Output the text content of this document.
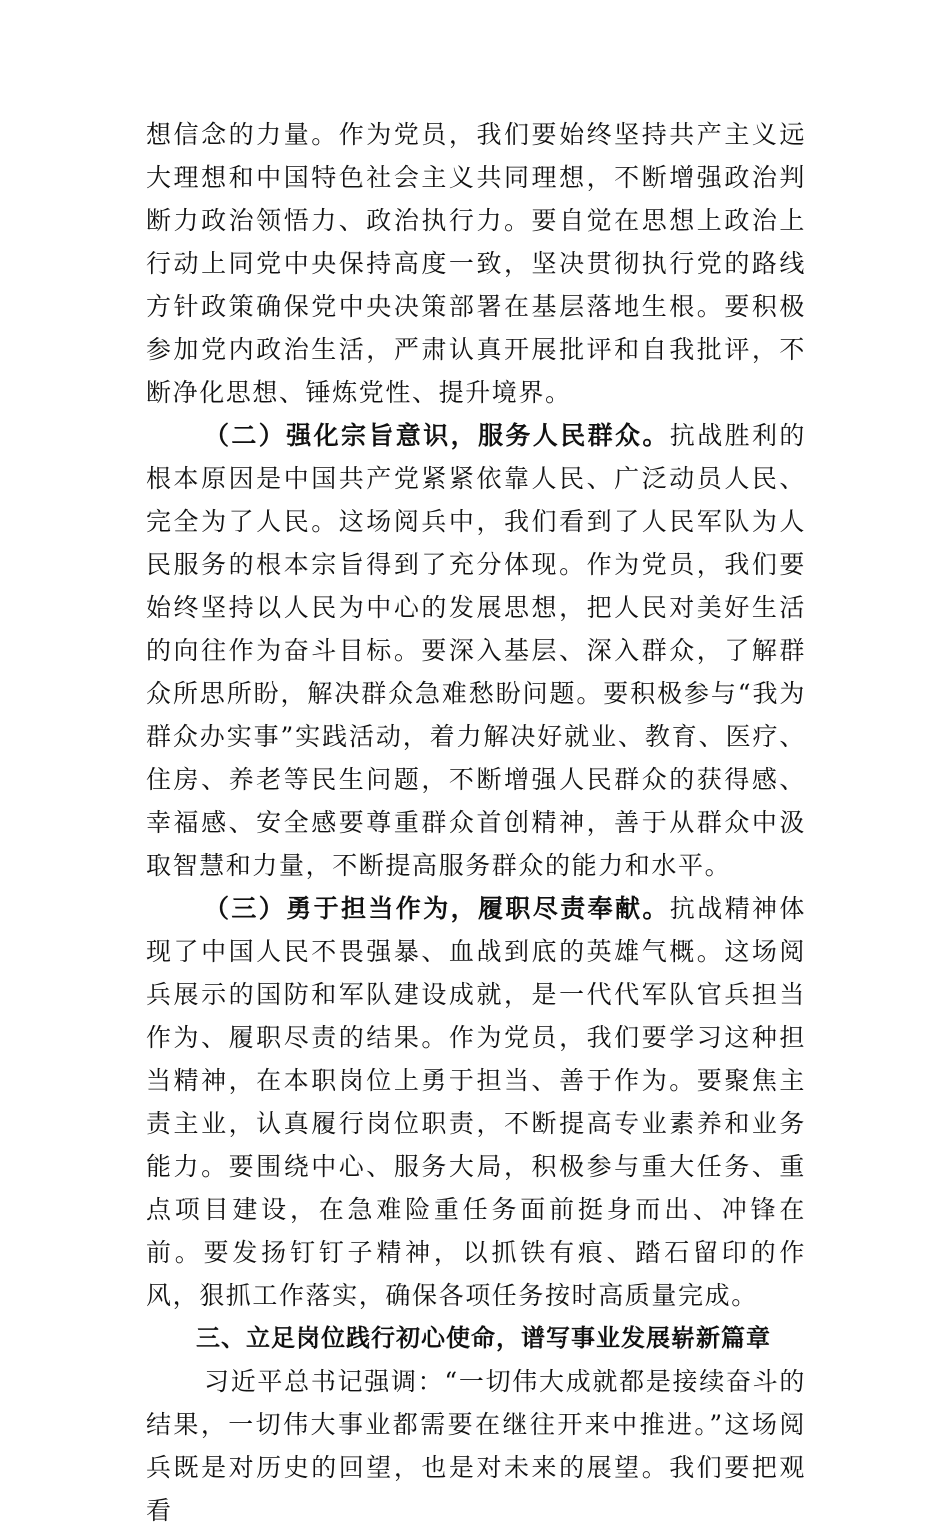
想信念的力量。作为党员，我们要始终坚持共产主义远大理想和中国特色社会主义共同理想，不断增强政治判断力政治领悟力、政治执行力。要自觉在思想上政治上行动上同党中央保持高度一致，坚决贯彻执行党的路线方针政策确保党中央决策部署在基层落地生根。要积极参加党内政治生活，严肃认真开展批评和自我批评，不断净化思想、锤炼党性、提升境界。

（二）强化宗旨意识，服务人民群众。抗战胜利的根本原因是中国共产党紧紧依靠人民、广泛动员人民、完全为了人民。这场阅兵中，我们看到了人民军队为人民服务的根本宗旨得到了充分体现。作为党员，我们要始终坚持以人民为中心的发展思想，把人民对美好生活的向往作为奋斗目标。要深入基层、深入群众，了解群众所思所盼，解决群众急难愁盼问题。要积极参与“我为群众办实事”实践活动，着力解决好就业、教育、医疗、住房、养老等民生问题，不断增强人民群众的获得感、幸福感、安全感要尊重群众首创精神，善于从群众中汲取智慧和力量，不断提高服务群众的能力和水平。

（三）勇于担当作为，履职尽责奉献。抗战精神体现了中国人民不畏强暴、血战到底的英雄气概。这场阅兵展示的国防和军队建设成就，是一代代军队官兵担当作为、履职尽责的结果。作为党员，我们要学习这种担当精神，在本职岗位上勇于担当、善于作为。要聚焦主责主业，认真履行岗位职责，不断提高专业素养和业务能力。要围绕中心、服务大局，积极参与重大任务、重点项目建设，在急难险重任务面前挺身而出、冲锋在前。要发扬钉钉子精神，以抓铁有痕、踏石留印的作风，狠抓工作落实，确保各项任务按时高质量完成。

三、立足岗位践行初心使命，谱写事业发展崭新篇章

习近平总书记强调：“一切伟大成就都是接续奋斗的结果，一切伟大事业都需要在继往开来中推进。”这场阅兵既是对历史的回望，也是对未来的展望。我们要把观看
